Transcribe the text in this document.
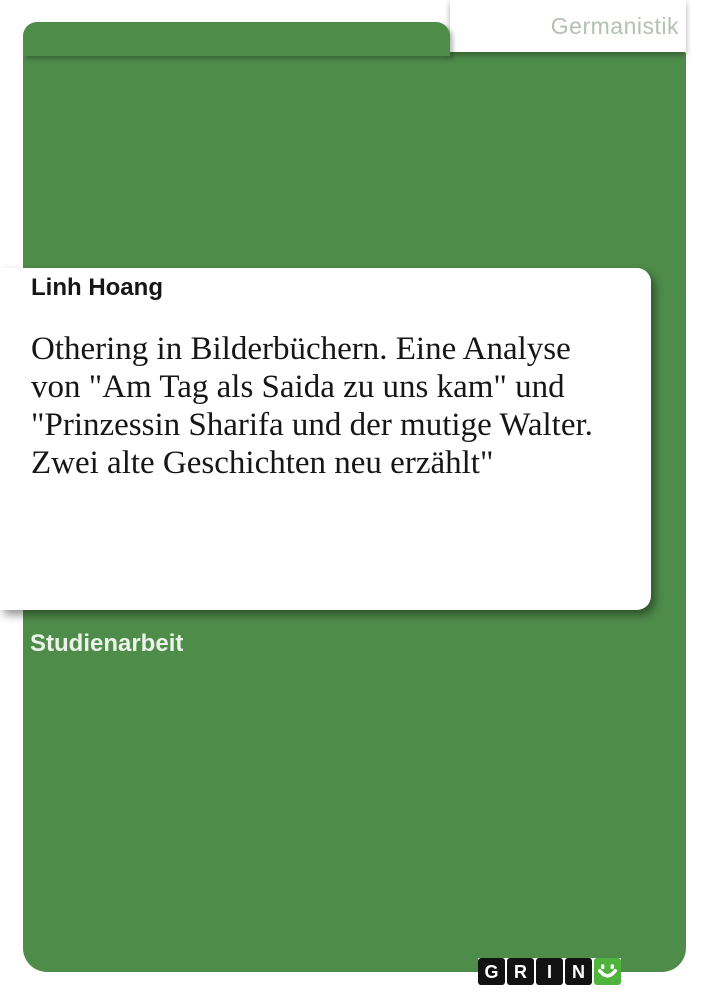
Germanistik
Linh Hoang
Othering in Bilderbüchern. Eine Analyse
von "Am Tag als Saida zu uns kam" und
"Prinzessin Sharifa und der mutige Walter.
Zwei alte Geschichten neu erzählt"
Studienarbeit
G R	I	N
